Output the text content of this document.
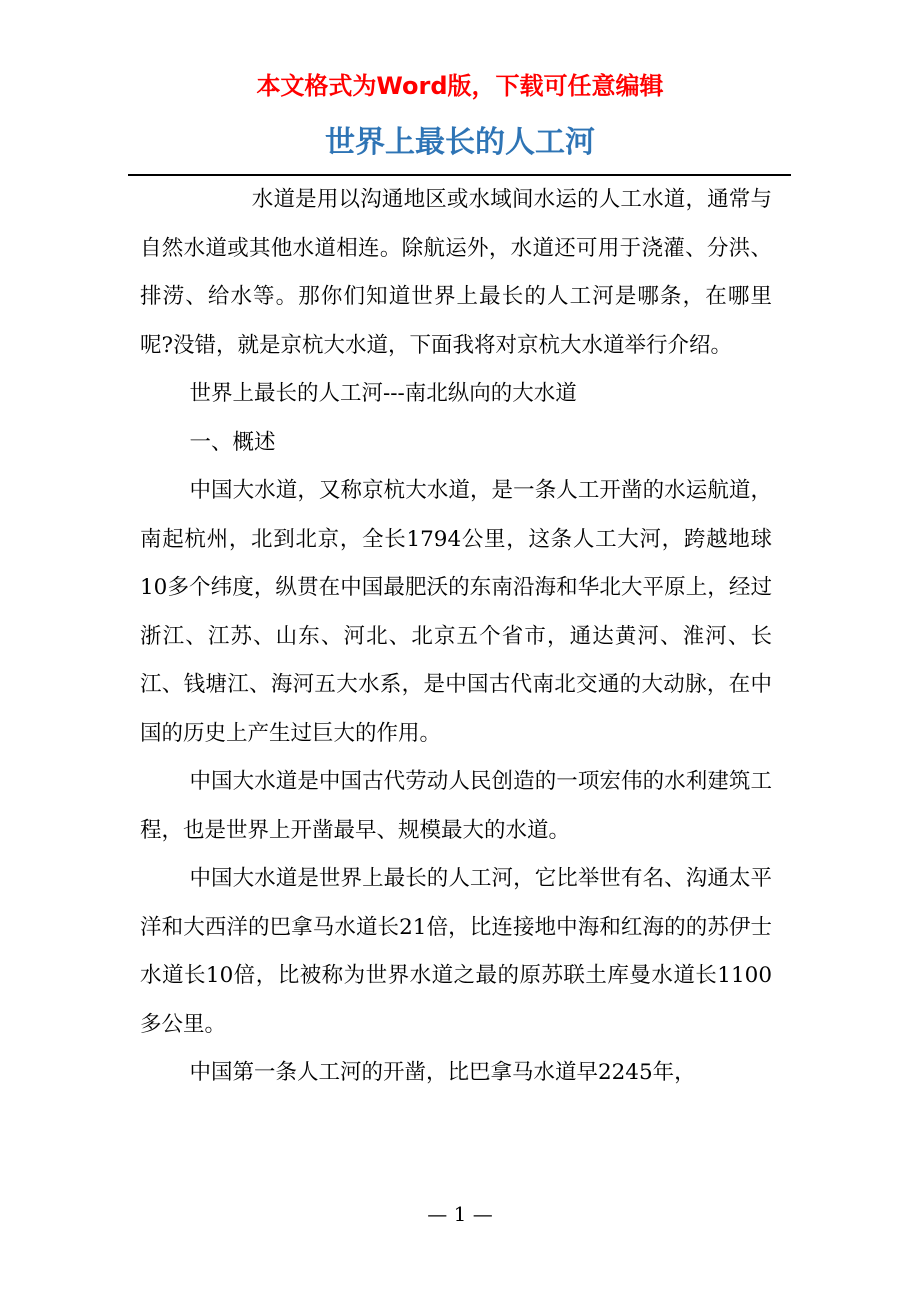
本文格式为Word版，下载可任意编辑
世界上最长的人工河

水道是用以沟通地区或水域间水运的人工水道，通常与自然水道或其他水道相连。除航运外，水道还可用于浇灌、分洪、排涝、给水等。那你们知道世界上最长的人工河是哪条，在哪里呢?没错，就是京杭大水道，下面我将对京杭大水道举行介绍。

世界上最长的人工河---南北纵向的大水道

一、概述

中国大水道，又称京杭大水道，是一条人工开凿的水运航道，南起杭州，北到北京，全长1794公里，这条人工大河，跨越地球10多个纬度，纵贯在中国最肥沃的东南沿海和华北大平原上，经过浙江、江苏、山东、河北、北京五个省市，通达黄河、淮河、长江、钱塘江、海河五大水系，是中国古代南北交通的大动脉，在中国的历史上产生过巨大的作用。

中国大水道是中国古代劳动人民创造的一项宏伟的水利建筑工程，也是世界上开凿最早、规模最大的水道。

中国大水道是世界上最长的人工河，它比举世有名、沟通太平洋和大西洋的巴拿马水道长21倍，比连接地中海和红海的的苏伊士水道长10倍，比被称为世界水道之最的原苏联土库曼水道长1100多公里。

中国第一条人工河的开凿，比巴拿马水道早2245年，

— 1 —
